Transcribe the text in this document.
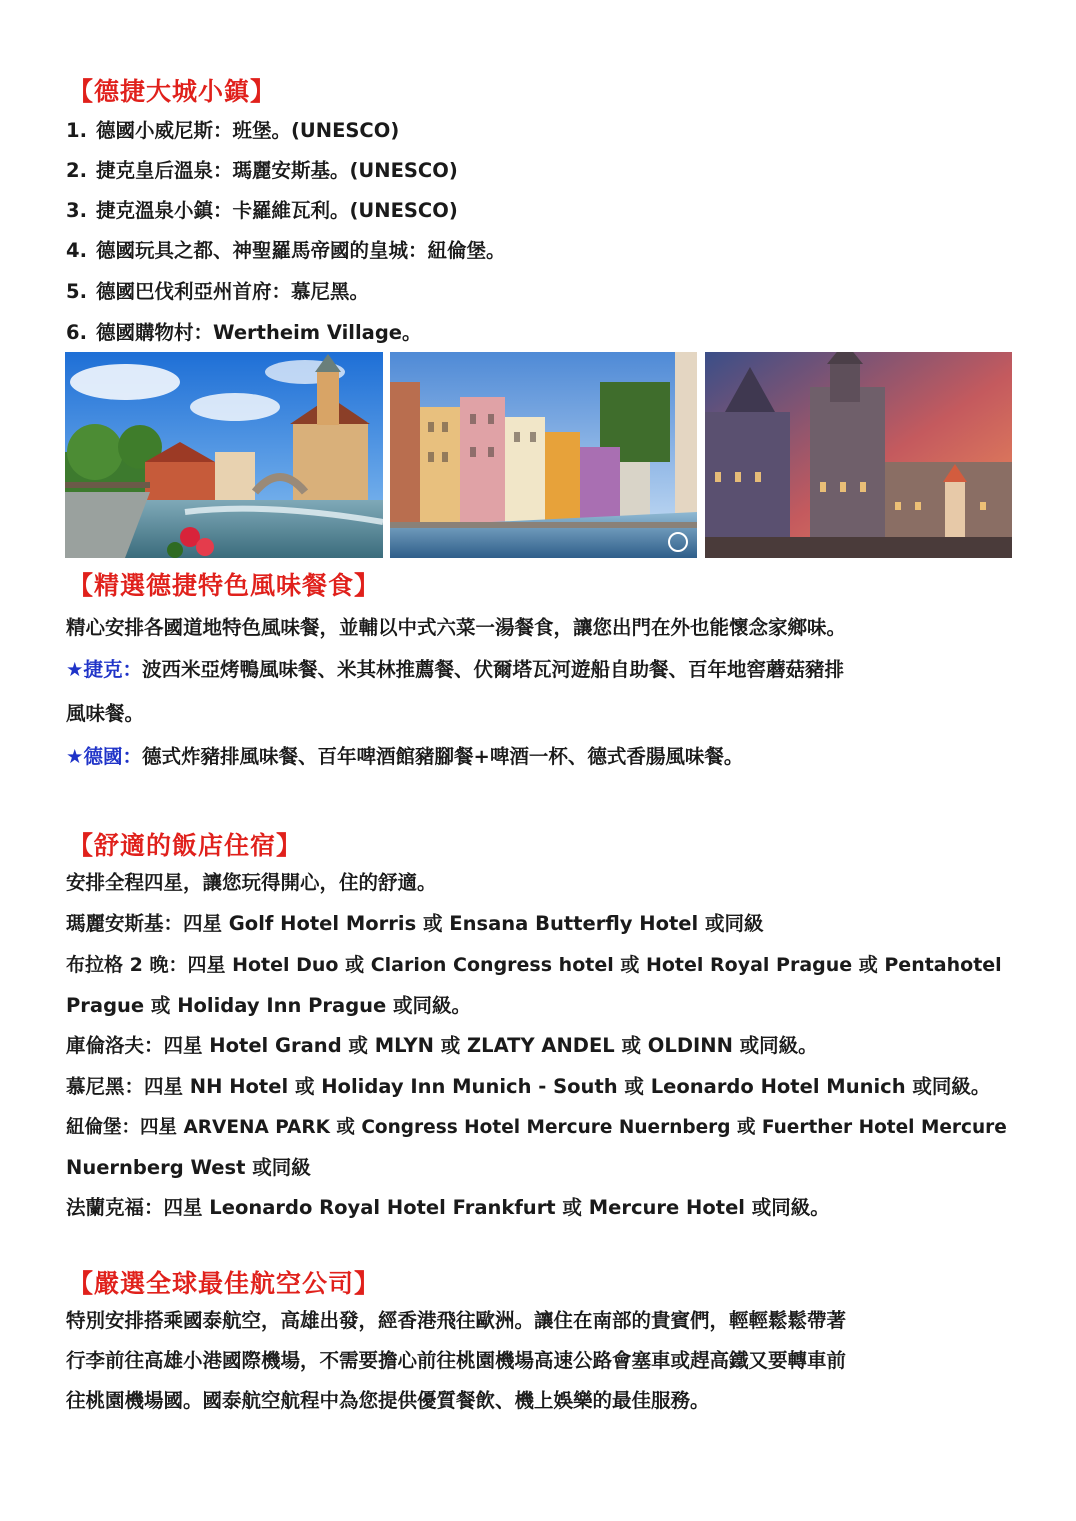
【德捷大城小鎮】
1. 德國小威尼斯：班堡。(UNESCO)
2. 捷克皇后溫泉：瑪麗安斯基。(UNESCO)
3. 捷克溫泉小鎮：卡羅維瓦利。(UNESCO)
4. 德國玩具之都、神聖羅馬帝國的皇城：紐倫堡。
5. 德國巴伐利亞州首府：慕尼黑。
6. 德國購物村：Wertheim Village。
【精選德捷特色風味餐食】
精心安排各國道地特色風味餐，並輔以中式六菜一湯餐食，讓您出門在外也能懷念家鄉味。
★捷克：波西米亞烤鴨風味餐、米其林推薦餐、伏爾塔瓦河遊船自助餐、百年地窖蘑菇豬排
風味餐。
★德國：德式炸豬排風味餐、百年啤酒館豬腳餐+啤酒一杯、德式香腸風味餐。
【舒適的飯店住宿】
安排全程四星，讓您玩得開心，住的舒適。
瑪麗安斯基：四星 Golf Hotel Morris 或 Ensana Butterfly Hotel 或同級
布拉格 2 晚：四星 Hotel Duo 或 Clarion Congress hotel 或 Hotel Royal Prague 或 Pentahotel
Prague 或 Holiday Inn Prague 或同級。
庫倫洛夫：四星 Hotel Grand 或 MLYN 或 ZLATY ANDEL 或 OLDINN 或同級。
慕尼黑：四星 NH Hotel 或 Holiday Inn Munich - South 或 Leonardo Hotel Munich 或同級。
紐倫堡：四星 ARVENA PARK 或 Congress Hotel Mercure Nuernberg 或 Fuerther Hotel Mercure
Nuernberg West 或同級
法蘭克福：四星 Leonardo Royal Hotel Frankfurt 或 Mercure Hotel 或同級。
【嚴選全球最佳航空公司】
特別安排搭乘國泰航空，高雄出發，經香港飛往歐洲。讓住在南部的貴賓們，輕輕鬆鬆帶著
行李前往高雄小港國際機場，不需要擔心前往桃園機場高速公路會塞車或趕高鐵又要轉車前
往桃園機場國。國泰航空航程中為您提供優質餐飲、機上娛樂的最佳服務。
